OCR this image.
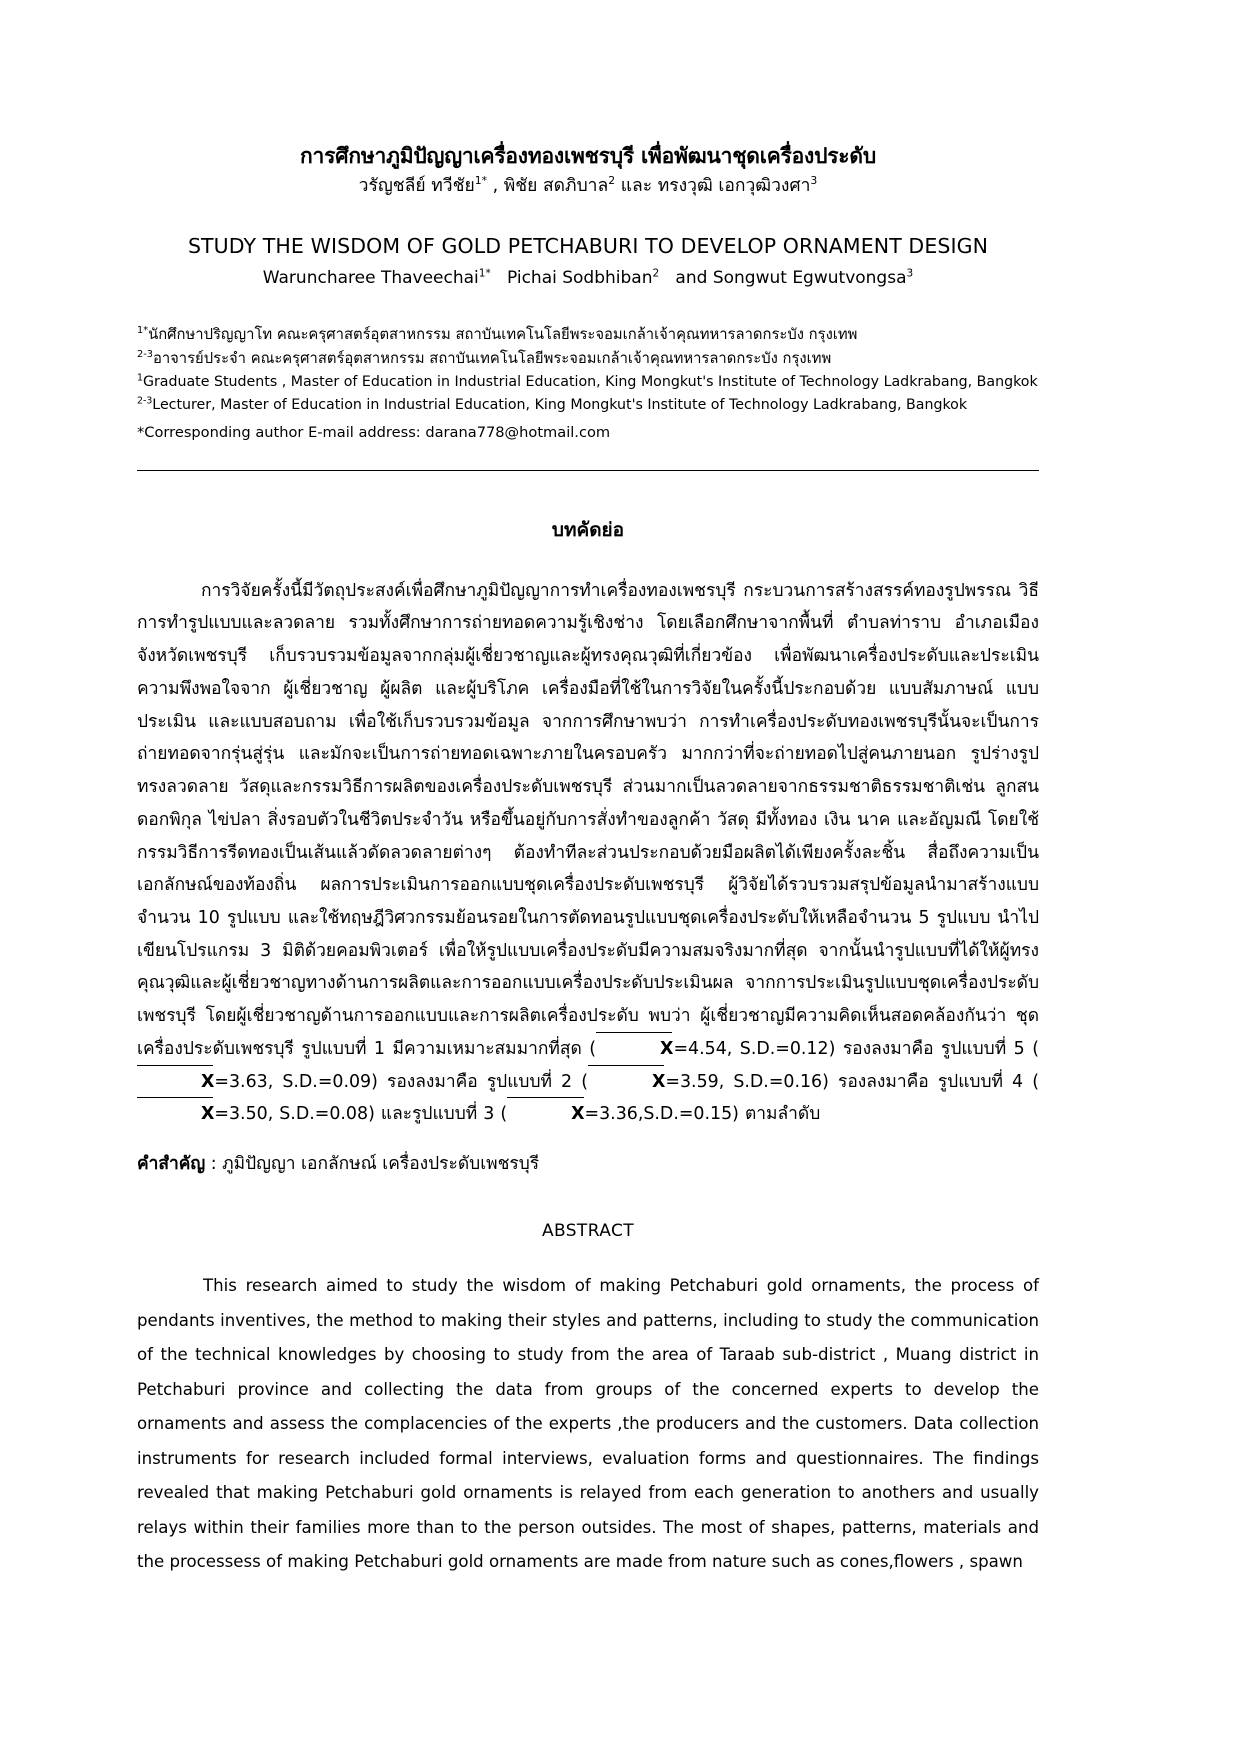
การศึกษาภูมิปัญญาเครื่องทองเพชรบุรี เพื่อพัฒนาชุดเครื่องประดับ
วรัญชลีย์ ทวีชัย$^{1*}$ , พิชัย สดภิบาล$^2$ และ ทรงวุฒิ เอกวุฒิวงศา$^3$
STUDY THE WISDOM OF GOLD PETCHABURI TO DEVELOP ORNAMENT DESIGN
Waruncharee Thaveechai$^{1*}$ Pichai Sodbhiban$^2$   and Songwut Egwutvongsa$^3$
$^{1*}$นักศึกษาปริญญาโท คณะครุศาสตร์อุตสาหกรรม สถาบันเทคโนโลยีพระจอมเกล้าเจ้าคุณทหารลาดกระบัง กรุงเทพ
$^{2-3}$อาจารย์ประจำ คณะครุศาสตร์อุตสาหกรรม สถาบันเทคโนโลยีพระจอมเกล้าเจ้าคุณทหารลาดกระบัง กรุงเทพ
$^1$Graduate Students , Master of Education in Industrial Education, King Mongkut's Institute of Technology Ladkrabang, Bangkok
$^{2-3}$Lecturer, Master of Education in Industrial Education, King Mongkut's Institute of Technology Ladkrabang, Bangkok
*Corresponding author E-mail address: darana778@hotmail.com
บทคัดย่อ

การวิจัยครั้งนี้มีวัตถุประสงค์เพื่อศึกษาภูมิปัญญาการทำเครื่องทองเพชรบุรี กระบวนการสร้างสรรค์ทองรูปพรรณ วิธีการทำรูปแบบและลวดลาย รวมทั้งศึกษาการถ่ายทอดความรู้เชิงช่าง โดยเลือกศึกษาจากพื้นที่ ตำบลท่าราบ อำเภอเมือง จังหวัดเพชรบุรี เก็บรวบรวมข้อมูลจากกลุ่มผู้เชี่ยวชาญและผู้ทรงคุณวุฒิที่เกี่ยวข้อง เพื่อพัฒนาเครื่องประดับและประเมินความพึงพอใจจาก ผู้เชี่ยวชาญ ผู้ผลิต และผู้บริโภค เครื่องมือที่ใช้ในการวิจัยในครั้งนี้ประกอบด้วย แบบสัมภาษณ์ แบบประเมิน และแบบสอบถาม เพื่อใช้เก็บรวบรวมข้อมูล จากการศึกษาพบว่า การทำเครื่องประดับทองเพชรบุรีนั้นจะเป็นการถ่ายทอดจากรุ่นสู่รุ่น และมักจะเป็นการถ่ายทอดเฉพาะภายในครอบครัว มากกว่าที่จะถ่ายทอดไปสู่คนภายนอก รูปร่างรูปทรงลวดลาย วัสดุและกรรมวิธีการผลิตของเครื่องประดับเพชรบุรี ส่วนมากเป็นลวดลายจากธรรมชาติธรรมชาติเช่น ลูกสน ดอกพิกุล ไข่ปลา สิ่งรอบตัวในชีวิตประจำวัน หรือขึ้นอยู่กับการสั่งทำของลูกค้า วัสดุ มีทั้งทอง เงิน นาค และอัญมณี โดยใช้กรรมวิธีการรีดทองเป็นเส้นแล้วดัดลวดลายต่างๆ ต้องทำทีละส่วนประกอบด้วยมือผลิตได้เพียงครั้งละชิ้น สื่อถึงความเป็นเอกลักษณ์ของท้องถิ่น ผลการประเมินการออกแบบชุดเครื่องประดับเพชรบุรี ผู้วิจัยได้รวบรวมสรุปข้อมูลนำมาสร้างแบบ จำนวน 10 รูปแบบ และใช้ทฤษฎีวิศวกรรมย้อนรอยในการตัดทอนรูปแบบชุดเครื่องประดับให้เหลือจำนวน 5 รูปแบบ นำไปเขียนโปรแกรม 3 มิติด้วยคอมพิวเตอร์ เพื่อให้รูปแบบเครื่องประดับมีความสมจริงมากที่สุด จากนั้นนำรูปแบบที่ได้ให้ผู้ทรงคุณวุฒิและผู้เชี่ยวชาญทางด้านการผลิตและการออกแบบเครื่องประดับประเมินผล จากการประเมินรูปแบบชุดเครื่องประดับเพชรบุรี โดยผู้เชี่ยวชาญด้านการออกแบบและการผลิตเครื่องประดับ พบว่า ผู้เชี่ยวชาญมีความคิดเห็นสอดคล้องกันว่า ชุดเครื่องประดับเพชรบุรี รูปแบบที่ 1 มีความเหมาะสมมากที่สุด (	X=4.54, S.D.=0.12) รองลงมาคือ รูปแบบที่ 5 (X=3.63, S.D.=0.09) รองลงมาคือ รูปแบบที่ 2 (	X=3.59, S.D.=0.16) รองลงมาคือ รูปแบบที่ 4 (X=3.50, S.D.=0.08) และรูปแบบที่ 3 (	X=3.36,S.D.=0.15) ตามลำดับ

คำสำคัญ : ภูมิปัญญา เอกลักษณ์ เครื่องประดับเพชรบุรี
ABSTRACT

This research aimed to study the wisdom of making Petchaburi gold ornaments, the process of pendants inventives, the method to making their styles and patterns, including to study the communication of the technical knowledges by choosing to study from the area of Taraab sub-district , Muang district in Petchaburi province and collecting the data from groups of the concerned experts to develop the ornaments and assess the complacencies of the experts ,the producers and the customers. Data collection instruments for research included formal interviews, evaluation forms and questionnaires. The findings revealed that making Petchaburi gold ornaments is relayed from each generation to anothers and usually relays within their families more than to the person outsides. The most of shapes, patterns, materials and the processess of making Petchaburi gold ornaments are made from nature such as cones,flowers , spawn
